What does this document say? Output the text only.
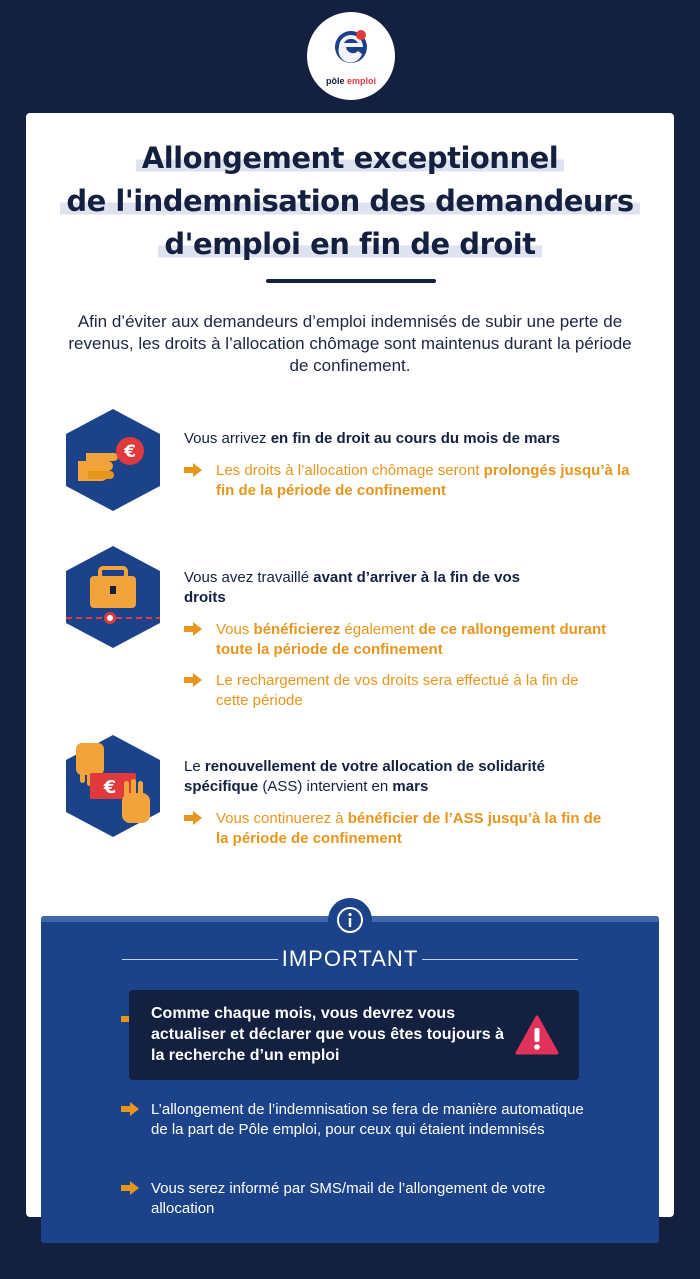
pôle emploi
Allongement exceptionnel
de l'indemnisation des demandeurs
d'emploi en fin de droit
Afin d’éviter aux demandeurs d’emploi indemnisés de subir une perte de revenus, les droits à l’allocation chômage sont maintenus durant la période de confinement.
€
Vous arrivez en fin de droit au cours du mois de mars
Les droits à l’allocation chômage seront prolongés jusqu’à la fin de la période de confinement
Vous avez travaillé avant d’arriver à la fin de vos droits
Vous bénéficierez également de ce rallongement durant toute la période de confinement
Le rechargement de vos droits sera effectué à la fin de cette période
€
Le renouvellement de votre allocation de solidarité spécifique (ASS) intervient en mars
Vous continuerez à bénéficier de l’ASS jusqu’à la fin de la période de confinement
IMPORTANT
Comme chaque mois, vous devrez vous actualiser et déclarer que vous êtes toujours à la recherche d’un emploi
L’allongement de l’indemnisation se fera de manière automatique de la part de Pôle emploi, pour ceux qui étaient indemnisés
Vous serez informé par SMS/mail de l’allongement de votre allocation
